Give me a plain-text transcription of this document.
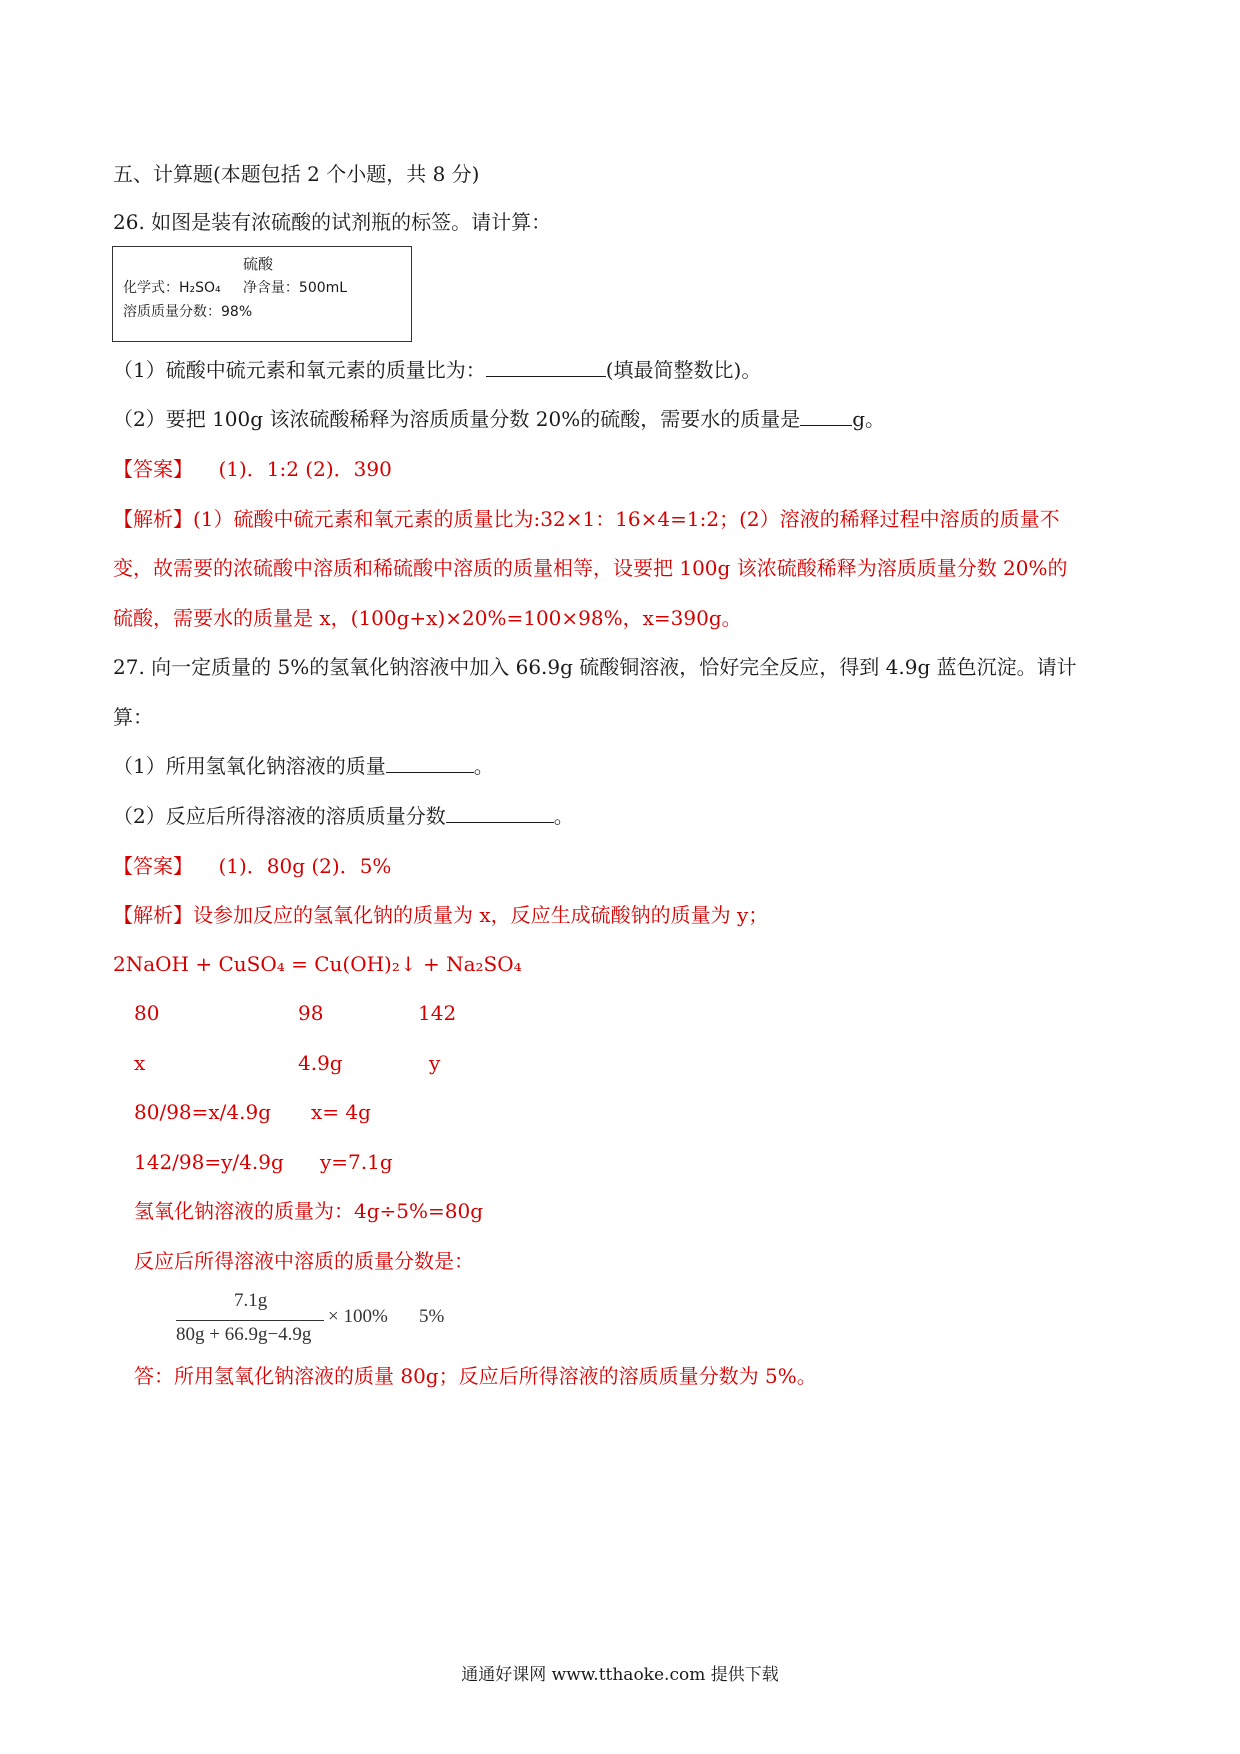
五、计算题(本题包括 2 个小题，共 8 分)
26. 如图是装有浓硫酸的试剂瓶的标签。请计算：
硫酸
化学式：H₂SO₄ 净含量：500mL
溶质质量分数：98%
（1）硫酸中硫元素和氧元素的质量比为：	(填最简整数比)。
（2）要把 100g 该浓硫酸稀释为溶质质量分数 20%的硫酸，需要水的质量是	g。
【答案】 (1)．1:2 (2)．390
【解析】(1）硫酸中硫元素和氧元素的质量比为:32×1：16×4=1:2；(2）溶液的稀释过程中溶质的质量不
变，故需要的浓硫酸中溶质和稀硫酸中溶质的质量相等，设要把 100g 该浓硫酸稀释为溶质质量分数 20%的
硫酸，需要水的质量是 x，(100g+x)×20%=100×98%，x=390g。
27. 向一定质量的 5%的氢氧化钠溶液中加入 66.9g 硫酸铜溶液，恰好完全反应，得到 4.9g 蓝色沉淀。请计
算：
（1）所用氢氧化钠溶液的质量	。
（2）反应后所得溶液的溶质质量分数	。
【答案】 (1)．80g (2)．5%
【解析】设参加反应的氢氧化钠的质量为 x，反应生成硫酸钠的质量为 y；
2NaOH + CuSO₄ = Cu(OH)₂↓ + Na₂SO₄
80	98	142
x	4.9g	y
80/98=x/4.9g x= 4g
142/98=y/4.9g y=7.1g
氢氧化钠溶液的质量为：4g÷5%=80g
反应后所得溶液中溶质的质量分数是：
7.1g
80g + 66.9g−4.9g
× 100% 5%
答：所用氢氧化钠溶液的质量 80g；反应后所得溶液的溶质质量分数为 5%。
通通好课网 www.tthaoke.com 提供下载
